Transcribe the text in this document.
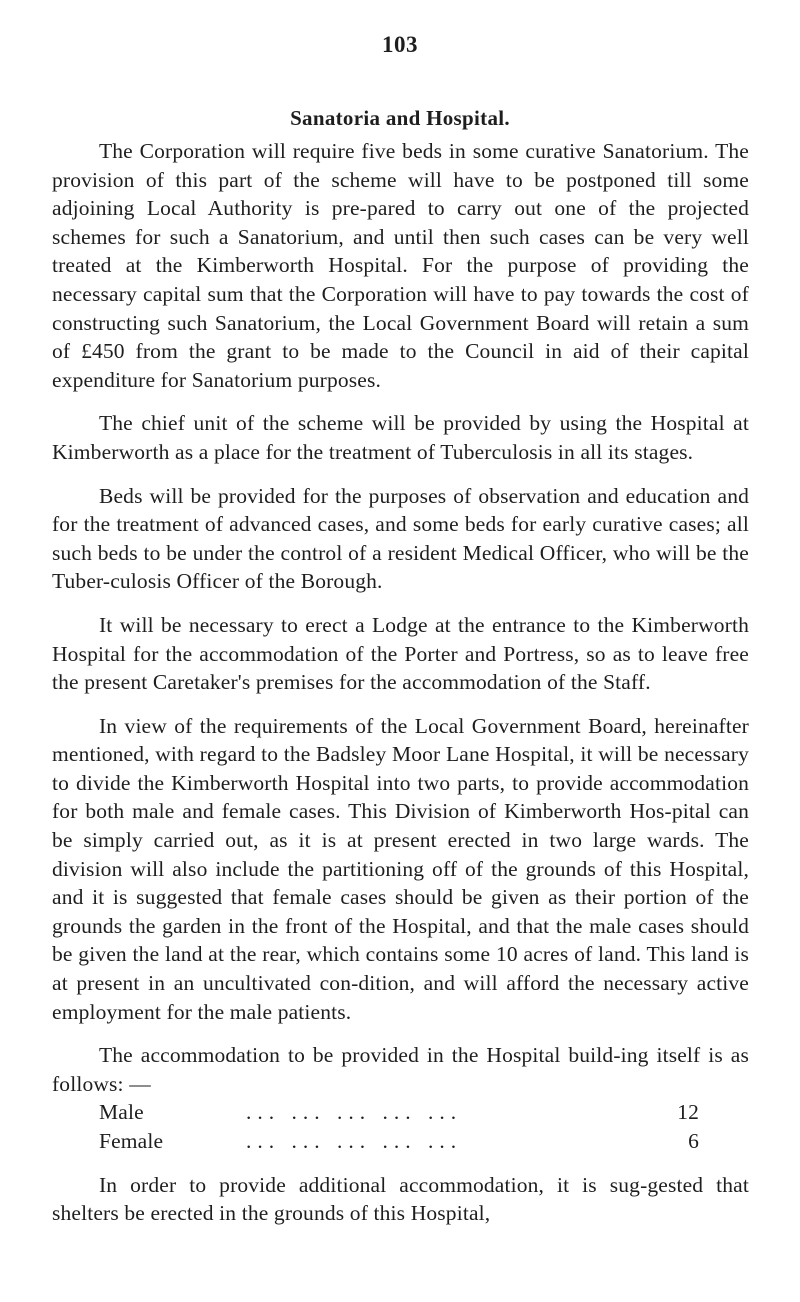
103
Sanatoria and Hospital.

The Corporation will require five beds in some curative Sanatorium. The provision of this part of the scheme will have to be postponed till some adjoining Local Authority is pre-pared to carry out one of the projected schemes for such a Sanatorium, and until then such cases can be very well treated at the Kimberworth Hospital. For the purpose of providing the necessary capital sum that the Corporation will have to pay towards the cost of constructing such Sanatorium, the Local Government Board will retain a sum of £450 from the grant to be made to the Council in aid of their capital expenditure for Sanatorium purposes.

The chief unit of the scheme will be provided by using the Hospital at Kimberworth as a place for the treatment of Tuberculosis in all its stages.

Beds will be provided for the purposes of observation and education and for the treatment of advanced cases, and some beds for early curative cases; all such beds to be under the control of a resident Medical Officer, who will be the Tuber-culosis Officer of the Borough.

It will be necessary to erect a Lodge at the entrance to the Kimberworth Hospital for the accommodation of the Porter and Portress, so as to leave free the present Caretaker's premises for the accommodation of the Staff.

In view of the requirements of the Local Government Board, hereinafter mentioned, with regard to the Badsley Moor Lane Hospital, it will be necessary to divide the Kimberworth Hospital into two parts, to provide accommodation for both male and female cases. This Division of Kimberworth Hos-pital can be simply carried out, as it is at present erected in two large wards. The division will also include the partitioning off of the grounds of this Hospital, and it is suggested that female cases should be given as their portion of the grounds the garden in the front of the Hospital, and that the male cases should be given the land at the rear, which contains some 10 acres of land. This land is at present in an uncultivated con-dition, and will afford the necessary active employment for the male patients.

The accommodation to be provided in the Hospital build-ing itself is as follows: —

Male	... ... ... ... ...	12
Female	... ... ... ... ...	6

In order to provide additional accommodation, it is sug-gested that shelters be erected in the grounds of this Hospital,
